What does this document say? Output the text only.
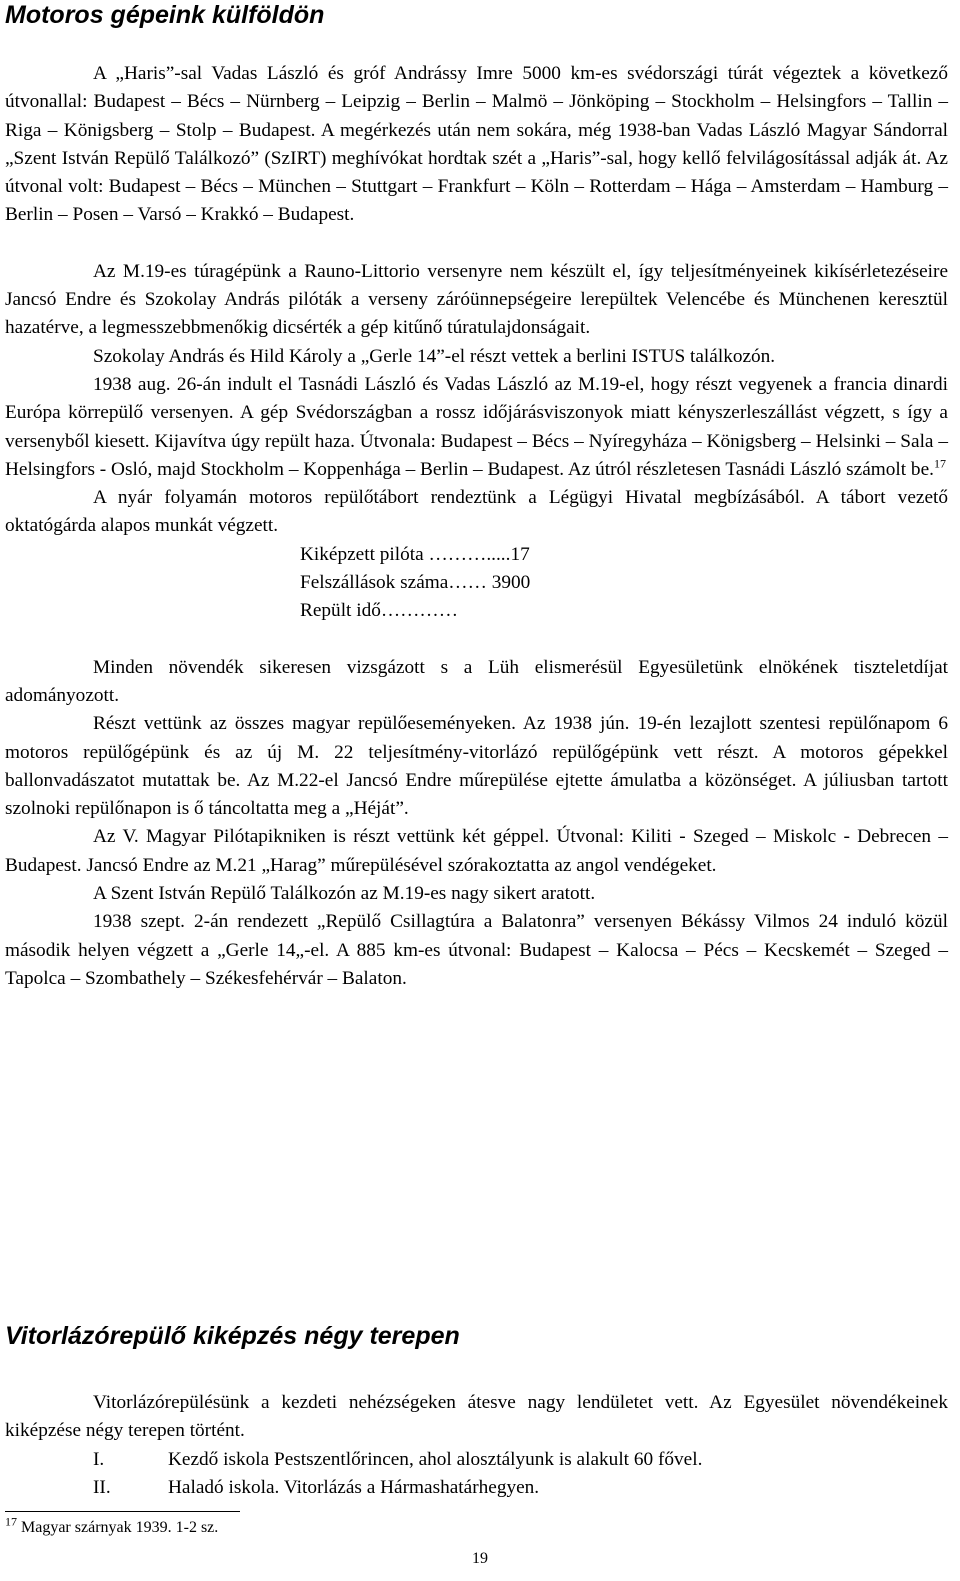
Motoros gépeink külföldön

A „Haris”-sal Vadas László és gróf Andrássy Imre 5000 km-es svédországi túrát végeztek a következő útvonallal: Budapest – Bécs – Nürnberg – Leipzig – Berlin – Malmö – Jönköping – Stockholm – Helsingfors – Tallin – Riga – Königsberg – Stolp – Budapest. A megérkezés után nem sokára, még 1938-ban Vadas László Magyar Sándorral „Szent István Repülő Találkozó” (SzIRT) meghívókat hordtak szét a „Haris”-sal, hogy kellő felvilágosítással adják át. Az útvonal volt: Budapest – Bécs – München – Stuttgart – Frankfurt – Köln – Rotterdam – Hága – Amsterdam – Hamburg – Berlin – Posen – Varsó – Krakkó – Budapest.

Az M.19-es túragépünk a Rauno-Littorio versenyre nem készült el, így teljesítményeinek kikísérletezéseire Jancsó Endre és Szokolay András pilóták a verseny záróünnepségeire lerepültek Velencébe és Münchenen keresztül hazatérve, a legmesszebbmenőkig dicsérték a gép kitűnő túratulajdonságait.

Szokolay András és Hild Károly a „Gerle 14”-el részt vettek a berlini ISTUS találkozón.

1938 aug. 26-án indult el Tasnádi László és Vadas László az M.19-el, hogy részt vegyenek a francia dinardi Európa körrepülő versenyen. A gép Svédországban a rossz időjárásviszonyok miatt kényszerleszállást végzett, s így a versenyből kiesett. Kijavítva úgy repült haza. Útvonala: Budapest – Bécs – Nyíregyháza – Königsberg – Helsinki – Sala – Helsingfors - Osló, majd Stockholm – Koppenhága – Berlin – Budapest. Az útról részletesen Tasnádi László számolt be.$^{17}$

A nyár folyamán motoros repülőtábort rendeztünk a Légügyi Hivatal megbízásából. A tábort vezető oktatógárda alapos munkát végzett.

Kiképzett pilóta ……….....17
Felszállások száma…… 3900
Repült idő…………

Minden növendék sikeresen vizsgázott s a Lüh elismerésül Egyesületünk elnökének tiszteletdíjat adományozott.

Részt vettünk az összes magyar repülőeseményeken. Az 1938 jún. 19-én lezajlott szentesi repülőnapom 6 motoros repülőgépünk és az új M. 22 teljesítmény-vitorlázó repülőgépünk vett részt. A motoros gépekkel ballonvadászatot mutattak be. Az M.22-el Jancsó Endre műrepülése ejtette ámulatba a közönséget. A júliusban tartott szolnoki repülőnapon is ő táncoltatta meg a „Héját”.

Az V. Magyar Pilótapikniken is részt vettünk két géppel. Útvonal: Kiliti - Szeged – Miskolc - Debrecen – Budapest. Jancsó Endre az M.21 „Harag” műrepülésével szórakoztatta az angol vendégeket.

A Szent István Repülő Találkozón az M.19-es nagy sikert aratott.

1938 szept. 2-án rendezett „Repülő Csillagtúra a Balatonra” versenyen Békássy Vilmos 24 induló közül második helyen végzett a „Gerle 14„-el. A 885 km-es útvonal: Budapest – Kalocsa – Pécs – Kecskemét – Szeged – Tapolca – Szombathely – Székesfehérvár – Balaton.

Vitorlázórepülő kiképzés négy terepen

Vitorlázórepülésünk a kezdeti nehézségeken átesve nagy lendületet vett. Az Egyesület növendékeinek kiképzése négy terepen történt.

I.	Kezdő iskola Pestszentlőrincen, ahol alosztályunk is alakult 60 fővel.
II.	Haladó iskola. Vitorlázás a Hármashatárhegyen.
$^{17}$ Magyar szárnyak 1939. 1-2 sz.
19
